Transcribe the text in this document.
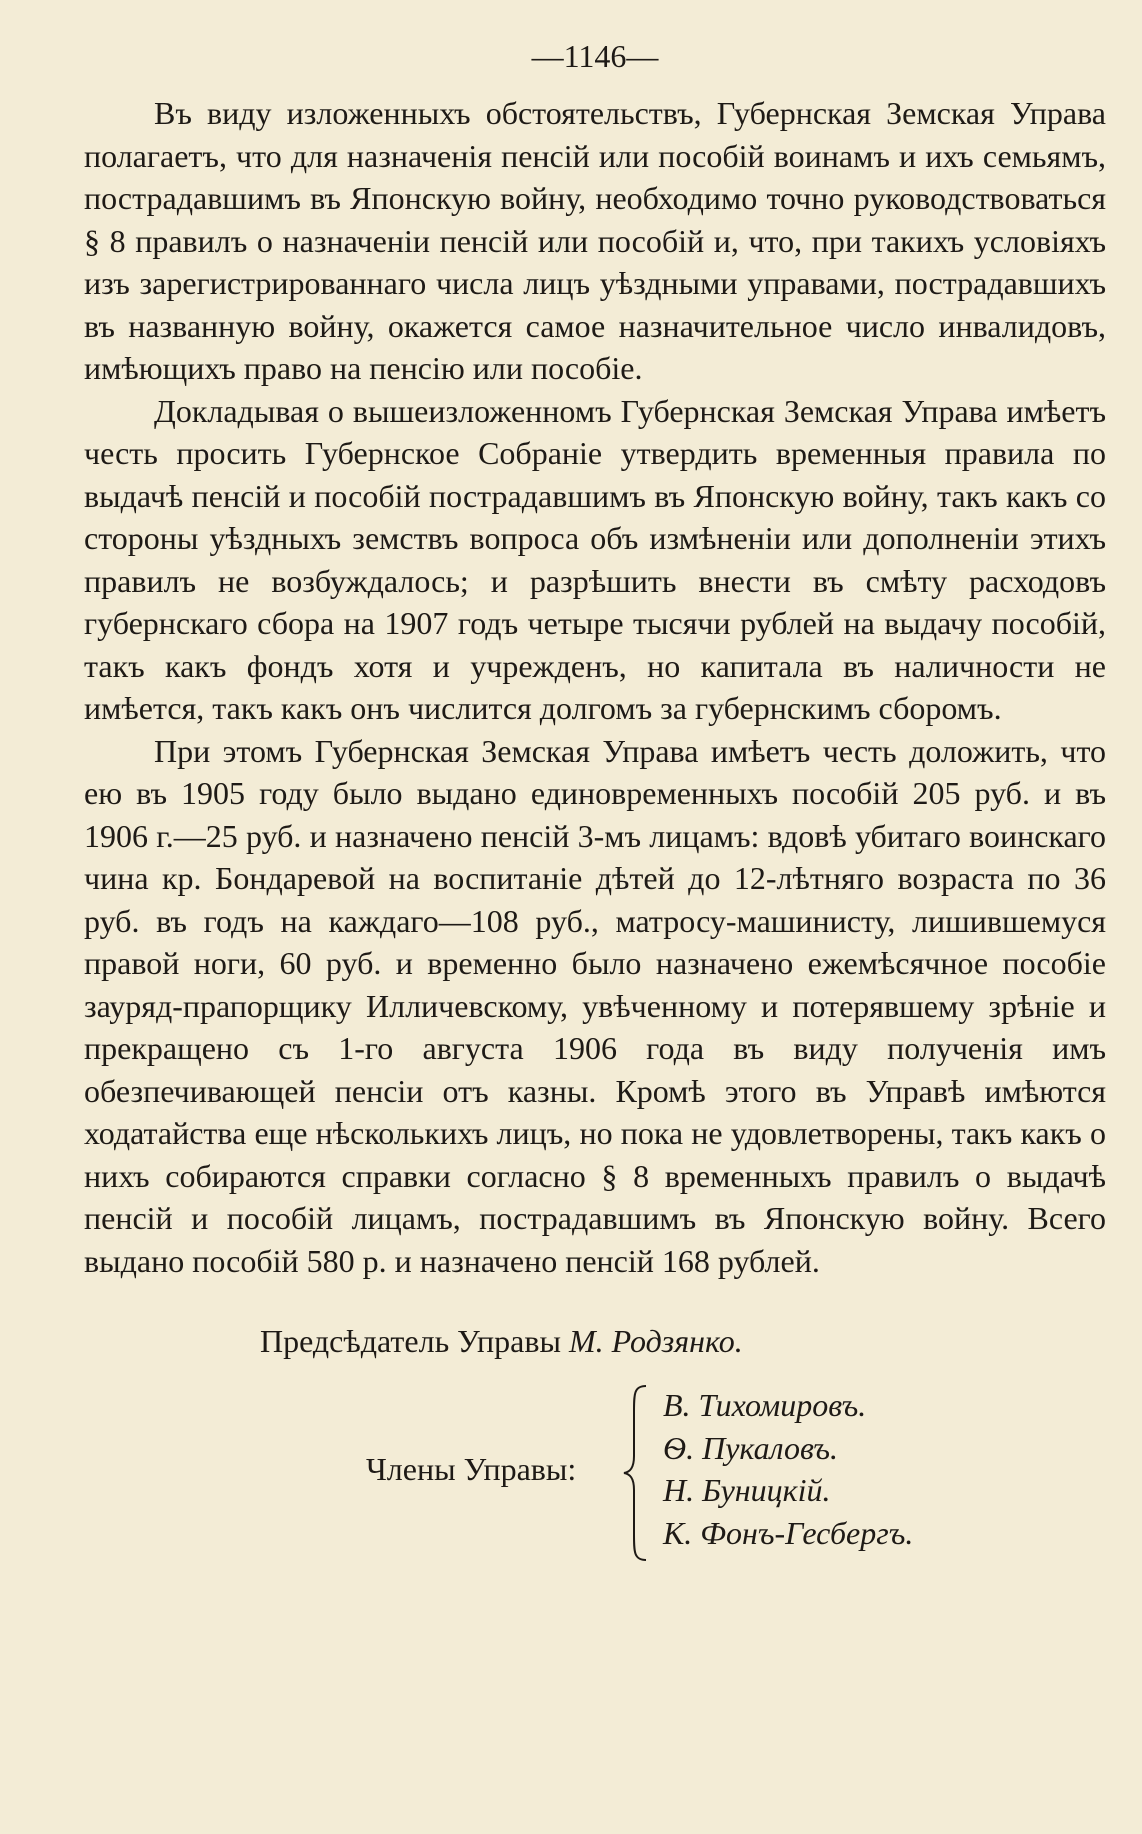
—1146—

Въ виду изложенныхъ обстоятельствъ, Губернская Земская Управа полагаетъ, что для назначенія пенсій или пособій воинамъ и ихъ семьямъ, пострадавшимъ въ Японскую войну, необходимо точно руководствоваться § 8 правилъ о назначеніи пенсій или пособій и, что, при такихъ условіяхъ изъ зарегистрированнаго числа лицъ уѣздными управами, пострадавшихъ въ названную войну, окажется самое назначительное число инвалидовъ, имѣющихъ право на пенсію или пособіе.

Докладывая о вышеизложенномъ Губернская Земская Управа имѣетъ честь просить Губернское Собраніе утвердить временныя правила по выдачѣ пенсій и пособій пострадавшимъ въ Японскую войну, такъ какъ со стороны уѣздныхъ земствъ вопроса объ измѣненіи или дополненіи этихъ правилъ не возбуждалось; и разрѣшить внести въ смѣту расходовъ губернскаго сбора на 1907 годъ четыре тысячи рублей на выдачу пособій, такъ какъ фондъ хотя и учрежденъ, но капитала въ наличности не имѣется, такъ какъ онъ числится долгомъ за губернскимъ сборомъ.

При этомъ Губернская Земская Управа имѣетъ честь доложить, что ею въ 1905 году было выдано единовременныхъ пособій 205 руб. и въ 1906 г.—25 руб. и назначено пенсій 3-мъ лицамъ: вдовѣ убитаго воинскаго чина кр. Бондаревой на воспитаніе дѣтей до 12-лѣтняго возраста по 36 руб. въ годъ на каждаго—108 руб., матросу-машинисту, лишившемуся правой ноги, 60 руб. и временно было назначено ежемѣсячное пособіе зауряд-прапорщику Илличевскому, увѣченному и потерявшему зрѣніе и прекращено съ 1-го августа 1906 года въ виду полученія имъ обезпечивающей пенсіи отъ казны. Кромѣ этого въ Управѣ имѣются ходатайства еще нѣсколькихъ лицъ, но пока не удовлетворены, такъ какъ о нихъ собираются справки согласно § 8 временныхъ правилъ о выдачѣ пенсій и пособій лицамъ, пострадавшимъ въ Японскую войну. Всего выдано пособій 580 р. и назначено пенсій 168 рублей.

Предсѣдатель Управы М. Родзянко.
Члены Управы:
В. Тихомировъ.
Ѳ. Пукаловъ.
Н. Буницкій.
К. Фонъ-Гесбергъ.
